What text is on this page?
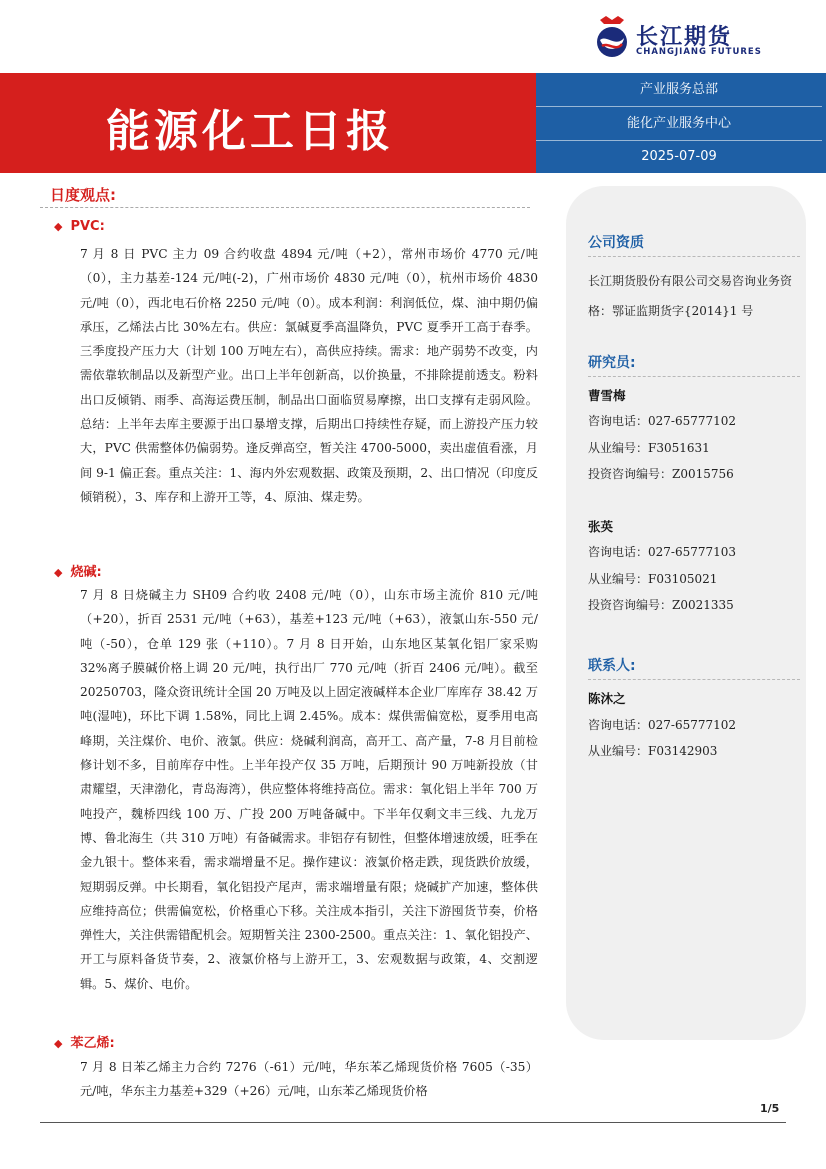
长江期货
CHANGJIANG FUTURES
能源化工日报
产业服务总部
能化产业服务中心
2025-07-09
日度观点:
◆ PVC:

7 月 8 日 PVC 主力 09 合约收盘 4894 元/吨（+2），常州市场价 4770 元/吨（0），主力基差-124 元/吨(-2)，广州市场价 4830 元/吨（0），杭州市场价 4830 元/吨（0），西北电石价格 2250 元/吨（0）。成本利润：利润低位，煤、油中期仍偏承压，乙烯法占比 30%左右。供应：氯碱夏季高温降负，PVC 夏季开工高于春季。三季度投产压力大（计划 100 万吨左右），高供应持续。需求：地产弱势不改变，内需依靠软制品以及新型产业。出口上半年创新高，以价换量，不排除提前透支。粉料出口反倾销、雨季、高海运费压制，制品出口面临贸易摩擦，出口支撑有走弱风险。总结：上半年去库主要源于出口暴增支撑，后期出口持续性存疑，而上游投产压力较大，PVC 供需整体仍偏弱势。逢反弹高空，暂关注 4700-5000，卖出虚值看涨，月间 9-1 偏正套。重点关注：1、海内外宏观数据、政策及预期，2、出口情况（印度反倾销税），3、库存和上游开工等，4、原油、煤走势。

◆ 烧碱:

7 月 8 日烧碱主力 SH09 合约收 2408 元/吨（0），山东市场主流价 810 元/吨（+20），折百 2531 元/吨（+63），基差+123 元/吨（+63），液氯山东-550 元/吨（-50），仓单 129 张（+110）。7 月 8 日开始，山东地区某氧化铝厂家采购 32%离子膜碱价格上调 20 元/吨，执行出厂 770 元/吨（折百 2406 元/吨）。截至 20250703，隆众资讯统计全国 20 万吨及以上固定液碱样本企业厂库库存 38.42 万吨(湿吨)，环比下调 1.58%，同比上调 2.45%。成本：煤供需偏宽松，夏季用电高峰期，关注煤价、电价、液氯。供应：烧碱利润高，高开工、高产量，7-8 月目前检修计划不多，目前库存中性。上半年投产仅 35 万吨，后期预计 90 万吨新投放（甘肃耀望，天津渤化，青岛海湾），供应整体将维持高位。需求：氧化铝上半年 700 万吨投产，魏桥四线 100 万、广投 200 万吨备碱中。下半年仅剩文丰三线、九龙万博、鲁北海生（共 310 万吨）有备碱需求。非铝存有韧性，但整体增速放缓，旺季在金九银十。整体来看，需求端增量不足。操作建议：液氯价格走跌，现货跌价放缓，短期弱反弹。中长期看，氧化铝投产尾声，需求端增量有限；烧碱扩产加速，整体供应维持高位；供需偏宽松，价格重心下移。关注成本指引，关注下游囤货节奏，价格弹性大，关注供需错配机会。短期暂关注 2300-2500。重点关注：1、氧化铝投产、开工与原料备货节奏，2、液氯价格与上游开工，3、宏观数据与政策，4、交割逻辑。5、煤价、电价。

◆ 苯乙烯:

7 月 8 日苯乙烯主力合约 7276（-61）元/吨，华东苯乙烯现货价格 7605（-35）元/吨，华东主力基差+329（+26）元/吨，山东苯乙烯现货价格

公司资质

长江期货股份有限公司交易咨询业务资格：鄂证监期货字{2014}1 号

研究员:
曹雪梅
咨询电话：027-65777102
从业编号：F3051631
投资咨询编号：Z0015756
张英
咨询电话：027-65777103
从业编号：F03105021
投资咨询编号：Z0021335
联系人:
陈沐之
咨询电话：027-65777102
从业编号：F03142903
1/5
